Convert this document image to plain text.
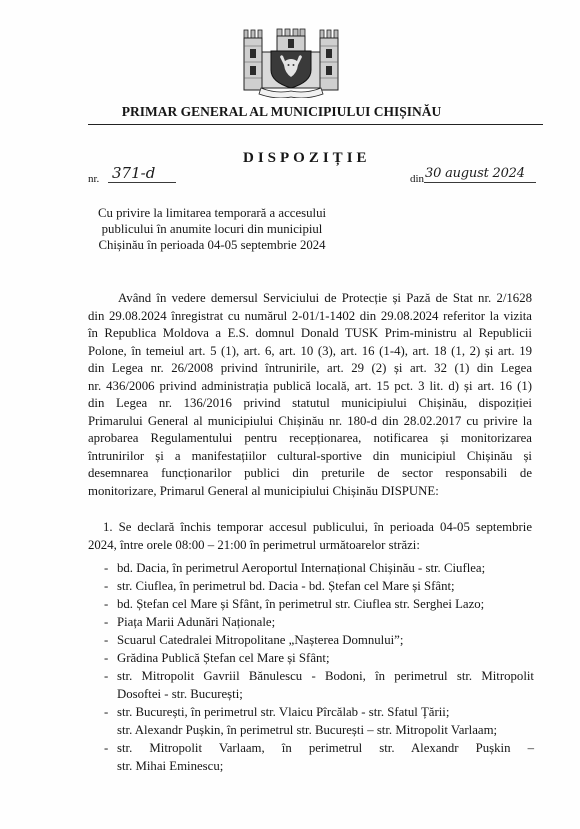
PRIMAR GENERAL AL MUNICIPIULUI CHIȘINĂU
DISPOZIȚIE
nr. 371-d	din 30 august 2024
Cu privire la limitarea temporară a accesului
publicului în anumite locuri din municipiul
Chișinău în perioada 04-05 septembrie 2024
Având în vedere demersul Serviciului de Protecție și Pază de Stat nr. 2/1628
din 29.08.2024 înregistrat cu numărul 2-01/1-1402 din 29.08.2024 referitor la vizita
în Republica Moldova a E.S. domnul Donald TUSK Prim-ministru al Republicii
Polone, în temeiul art. 5 (1), art. 6, art. 10 (3), art. 16 (1-4), art. 18 (1, 2) și art. 19
din Legea nr. 26/2008 privind întrunirile, art. 29 (2) și art. 32 (1) din Legea
nr. 436/2006 privind administrația publică locală, art. 15 pct. 3 lit. d) și art. 16 (1)
din Legea nr. 136/2016 privind statutul municipiului Chișinău, dispoziției
Primarului General al municipiului Chișinău nr. 180-d din 28.02.2017 cu privire la
aprobarea Regulamentului pentru recepționarea, notificarea și monitorizarea
întrunirilor și a manifestațiilor cultural-sportive din municipiul Chișinău și
desemnarea funcționarilor publici din preturile de sector responsabili de
monitorizare, Primarul General al municipiului Chișinău DISPUNE:
1. Se declară închis temporar accesul publicului, în perioada 04-05 septembrie
2024, între orele 08:00 – 21:00 în perimetrul următoarelor străzi:
- bd. Dacia, în perimetrul Aeroportul Internațional Chișinău - str. Ciuflea;
- str. Ciuflea, în perimetrul bd. Dacia - bd. Ștefan cel Mare și Sfânt;
- bd. Ștefan cel Mare și Sfânt, în perimetrul str. Ciuflea str. Serghei Lazo;
- Piața Marii Adunări Naționale;
- Scuarul Catedralei Mitropolitane „Nașterea Domnului”;
- Grădina Publică Ștefan cel Mare și Sfânt;
- str. Mitropolit Gavriil Bănulescu - Bodoni, în perimetrul str. Mitropolit
Dosoftei - str. București;
- str. București, în perimetrul str. Vlaicu Pîrcălab - str. Sfatul Țării;
str. Alexandr Pușkin, în perimetrul str. București – str. Mitropolit Varlaam;
- str. Mitropolit Varlaam, în perimetrul str. Alexandr Pușkin –
str. Mihai Eminescu;
